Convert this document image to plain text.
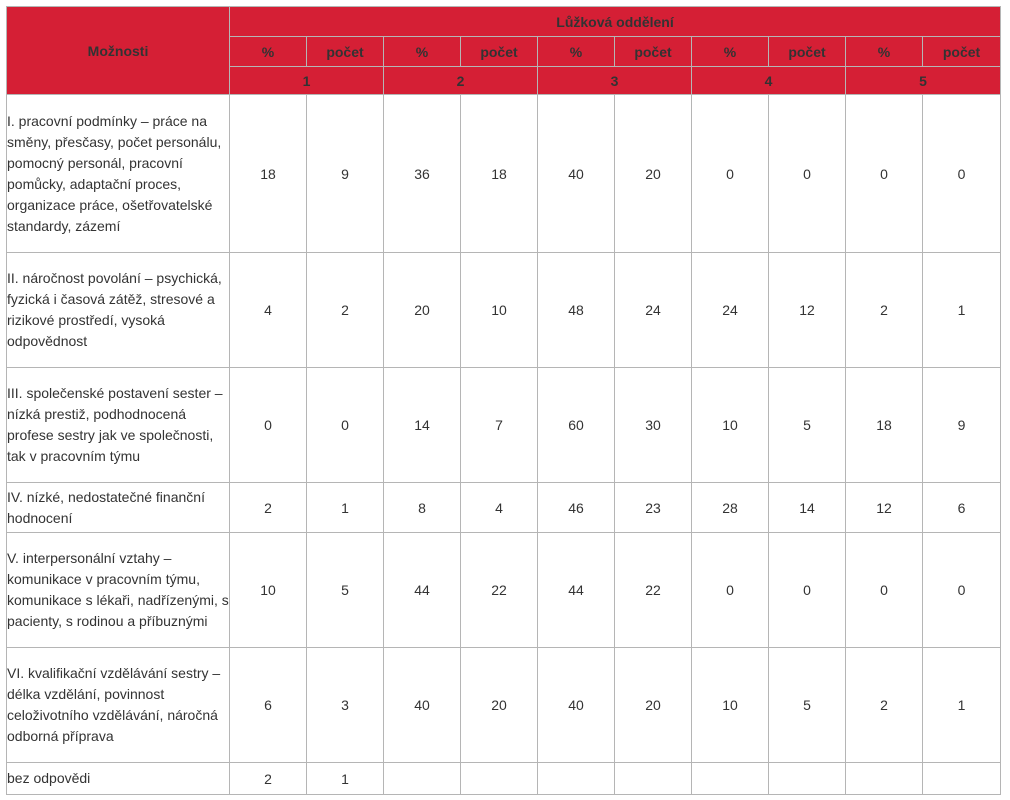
Možnosti	Lůžková oddělení									
	%	počet	%	počet	%	počet	%	počet	%	počet
	1		2		3		4		5	
I. pracovní podmínky – práce na směny, přesčasy, počet personálu, pomocný personál, pracovní pomůcky, adaptační proces, organizace práce, ošetřovatelské standardy, zázemí	18	9	36	18	40	20	0	0	0	0
II. náročnost povolání – psychická, fyzická i časová zátěž, stresové a rizikové prostředí, vysoká odpovědnost	4	2	20	10	48	24	24	12	2	1
III. společenské postavení sester – nízká prestiž, podhodnocená profese sestry jak ve společnosti, tak v pracovním týmu	0	0	14	7	60	30	10	5	18	9
IV. nízké, nedostatečné finanční hodnocení	2	1	8	4	46	23	28	14	12	6
V. interpersonální vztahy – komunikace v pracovním týmu, komunikace s lékaři, nadřízenými, s pacienty, s rodinou a příbuznými	10	5	44	22	44	22	0	0	0	0
VI. kvalifikační vzdělávání sestry – délka vzdělání, povinnost celoživotního vzdělávání, náročná odborná příprava	6	3	40	20	40	20	10	5	2	1
bez odpovědi	2	1								
